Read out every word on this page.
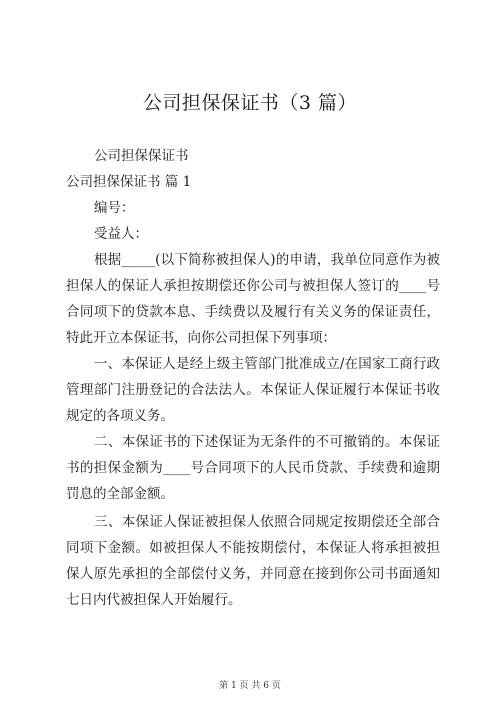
公司担保保证书（3 篇）
公司担保保证书
公司担保保证书 篇 1
编号：
受益人：
根据_____(以下简称被担保人)的申请，我单位同意作为被
担保人的保证人承担按期偿还你公司与被担保人签订的____号
合同项下的贷款本息、手续费以及履行有关义务的保证责任，
特此开立本保证书，向你公司担保下列事项：
一、本保证人是经上级主管部门批准成立/在国家工商行政
管理部门注册登记的合法法人。本保证人保证履行本保证书收
规定的各项义务。
二、本保证书的下述保证为无条件的不可撤销的。本保证
书的担保金额为____号合同项下的人民币贷款、手续费和逾期
罚息的全部金额。
三、本保证人保证被担保人依照合同规定按期偿还全部合
同项下金额。如被担保人不能按期偿付，本保证人将承担被担
保人原先承担的全部偿付义务，并同意在接到你公司书面通知
七日内代被担保人开始履行。
第 1 页 共 6 页
